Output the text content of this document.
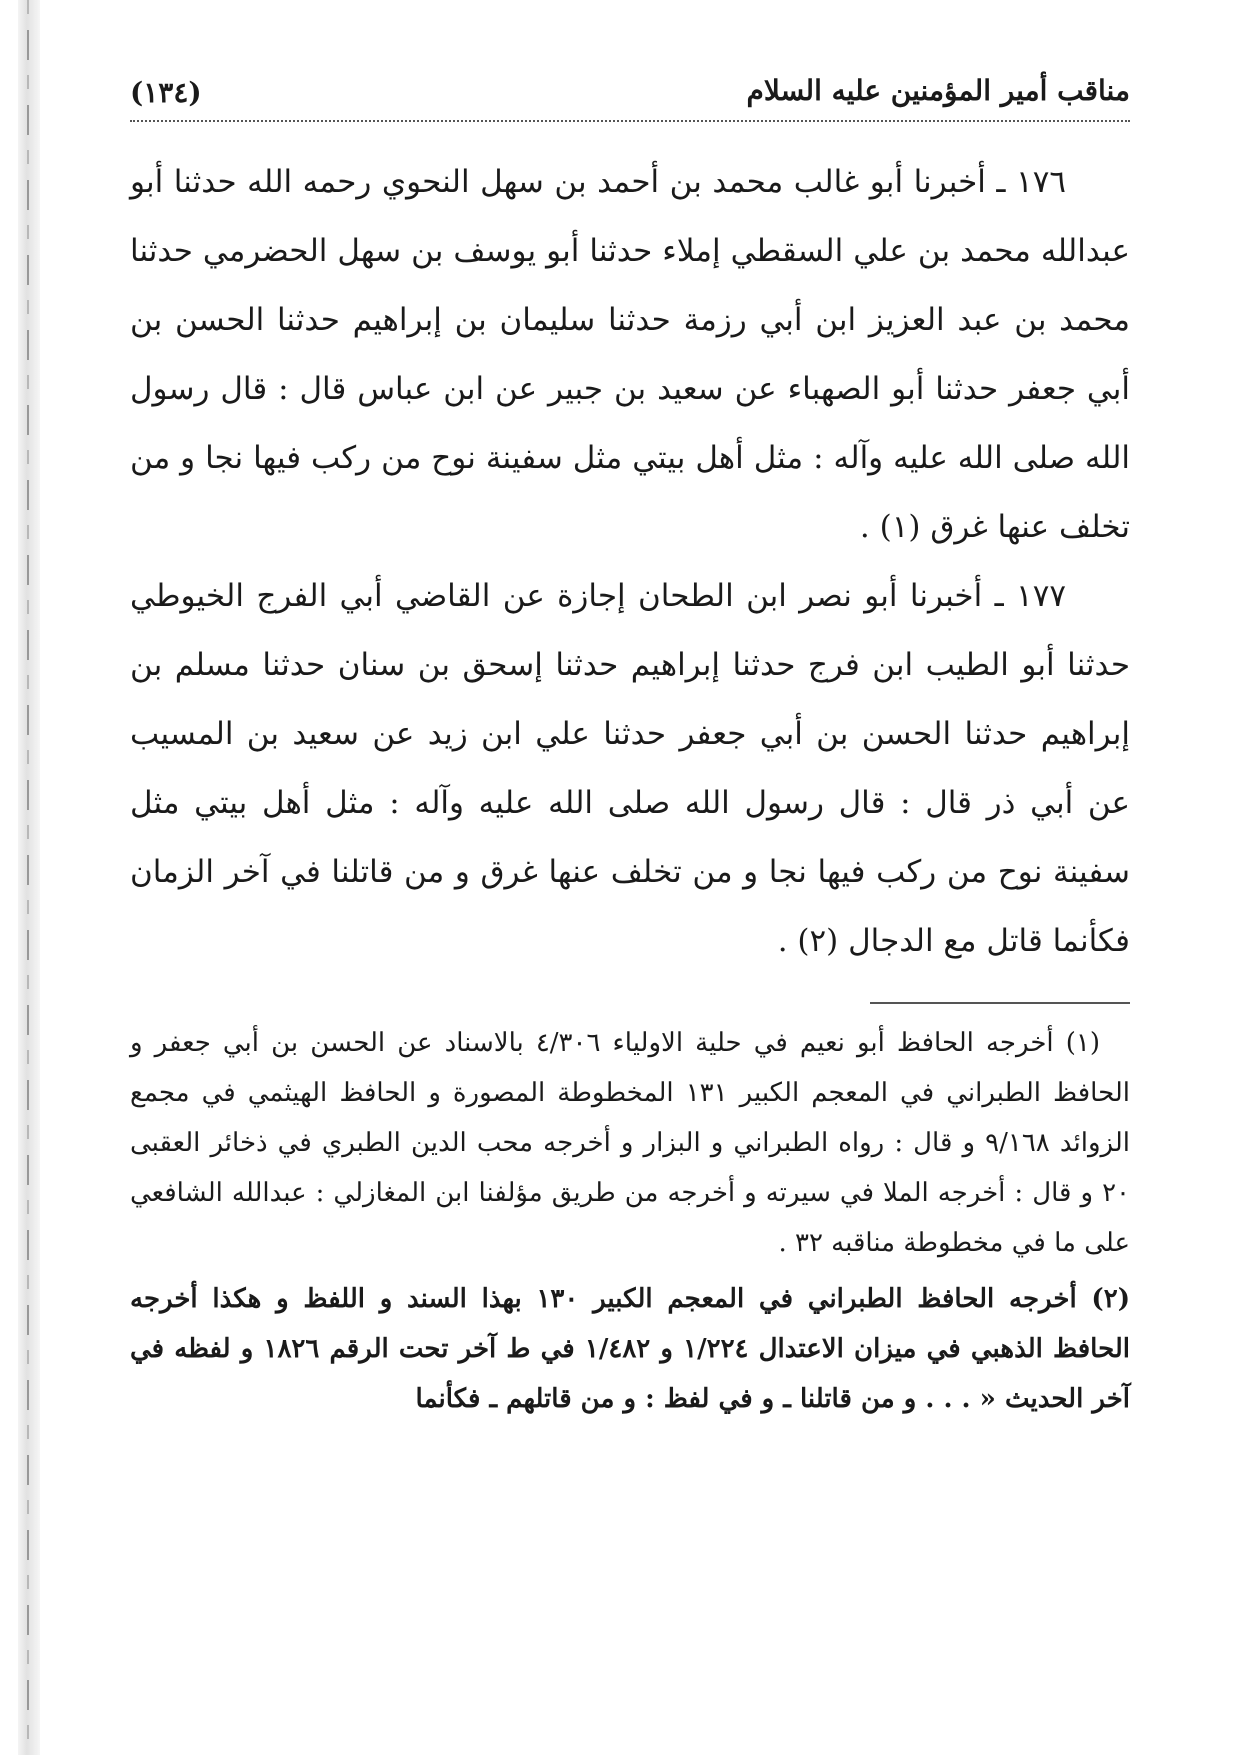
مناقب أمير المؤمنين عليه السلام
(١٣٤)

١٧٦ ـ أخبرنا أبو غالب محمد بن أحمد بن سهل النحوي رحمه الله حدثنا أبو عبدالله محمد بن علي السقطي إملاء حدثنا أبو يوسف بن سهل الحضرمي حدثنا محمد بن عبد العزيز ابن أبي رزمة حدثنا سليمان بن إبراهيم حدثنا الحسن بن أبي جعفر حدثنا أبو الصهباء عن سعيد بن جبير عن ابن عباس قال : قال رسول الله صلى الله عليه وآله : مثل أهل بيتي مثل سفينة نوح من ركب فيها نجا و من تخلف عنها غرق (١) .

١٧٧ ـ أخبرنا أبو نصر ابن الطحان إجازة عن القاضي أبي الفرج الخيوطي حدثنا أبو الطيب ابن فرج حدثنا إبراهيم حدثنا إسحق بن سنان حدثنا مسلم بن إبراهيم حدثنا الحسن بن أبي جعفر حدثنا علي ابن زيد عن سعيد بن المسيب عن أبي ذر قال : قال رسول الله صلى الله عليه وآله : مثل أهل بيتي مثل سفينة نوح من ركب فيها نجا و من تخلف عنها غرق و من قاتلنا في آخر الزمان فكأنما قاتل مع الدجال (٢) .

(١) أخرجه الحافظ أبو نعيم في حلية الاولياء ٤/٣٠٦ بالاسناد عن الحسن بن أبي جعفر و الحافظ الطبراني في المعجم الكبير ١٣١ المخطوطة المصورة و الحافظ الهيثمي في مجمع الزوائد ٩/١٦٨ و قال : رواه الطبراني و البزار و أخرجه محب الدين الطبري في ذخائر العقبى ٢٠ و قال : أخرجه الملا في سيرته و أخرجه من طريق مؤلفنا ابن المغازلي : عبدالله الشافعي على ما في مخطوطة مناقبه ٣٢ .

(٢) أخرجه الحافظ الطبراني في المعجم الكبير ١٣٠ بهذا السند و اللفظ و هكذا أخرجه الحافظ الذهبي في ميزان الاعتدال ١/٢٢٤ و ١/٤٨٢ في ط آخر تحت الرقم ١٨٢٦ و لفظه في آخر الحديث « . . . و من قاتلنا ـ و في لفظ : و من قاتلهم ـ فكأنما
